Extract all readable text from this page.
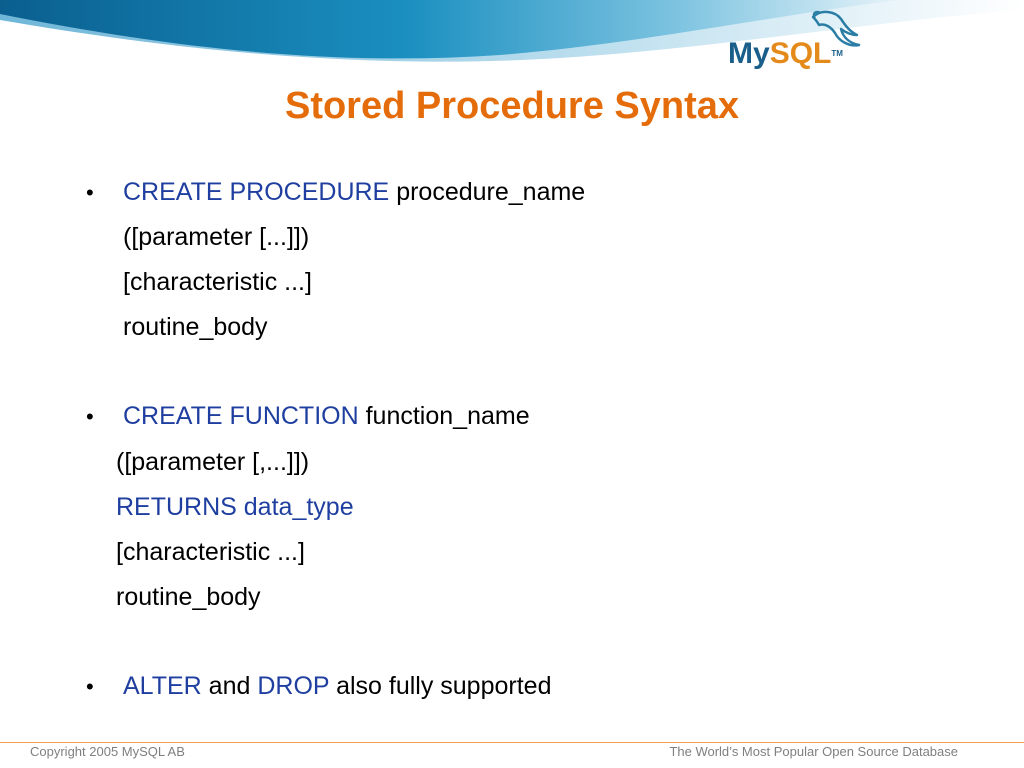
MySQL™
Stored Procedure Syntax
• CREATE PROCEDURE procedure_name
([parameter [...]])
[characteristic ...]
routine_body
• CREATE FUNCTION function_name
([parameter [,...]])
RETURNS data_type
[characteristic ...]
routine_body
• ALTER and DROP also fully supported
Copyright 2005 MySQL AB	The World’s Most Popular Open Source Database
